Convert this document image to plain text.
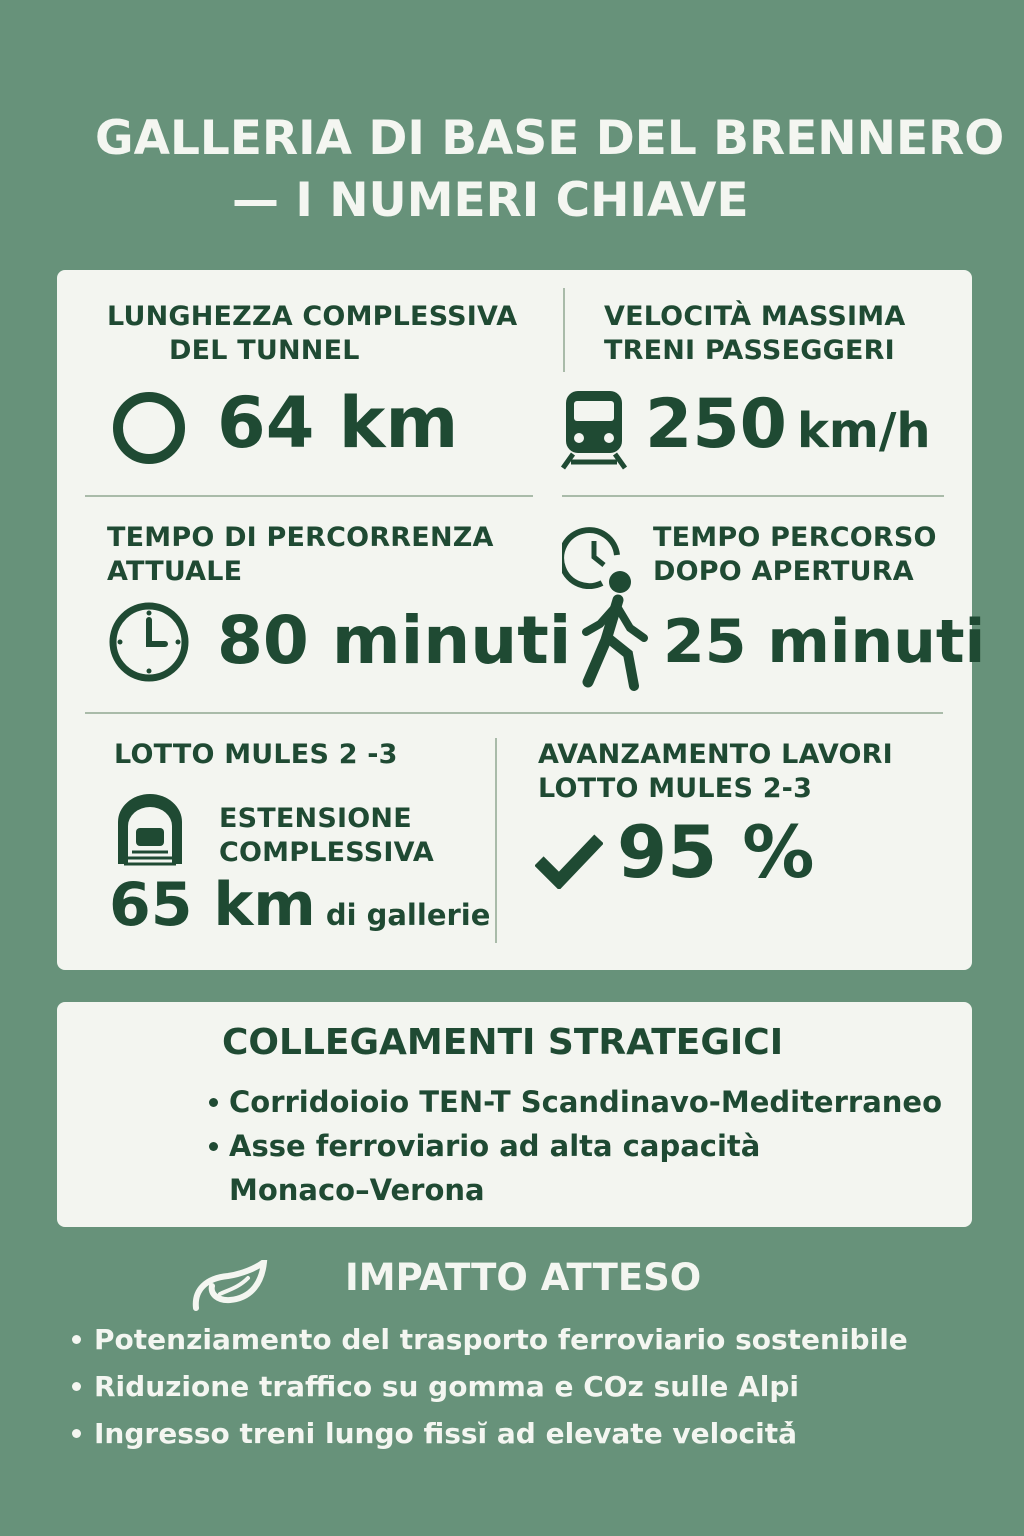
GALLERIA DI BASE DEL BRENNERO
— I NUMERI CHIAVE
LUNGHEZZA COMPLESSIVA
DEL TUNNEL
64 km
VELOCITÀ MASSIMA
TRENI PASSEGGERI
250 km/h
TEMPO DI PERCORRENZA
ATTUALE
80 minuti
TEMPO PERCORSO
DOPO APERTURA
25 minuti
LOTTO MULES 2 -3
ESTENSIONE
COMPLESSIVA
65 km di gallerie
AVANZAMENTO LAVORI
LOTTO MULES 2-3
95 %
COLLEGAMENTI STRATEGICI
Corridoioio TEN-T Scandinavo-Mediterraneo
Asse ferroviario ad alta capacità
Monaco–Verona
IMPATTO ATTESO
Potenziamento del trasporto ferroviario sostenibile
Riduzione traffico su gomma e COz sulle Alpi
Ingresso treni lungo fissı̆ ad elevate velocitá̀
